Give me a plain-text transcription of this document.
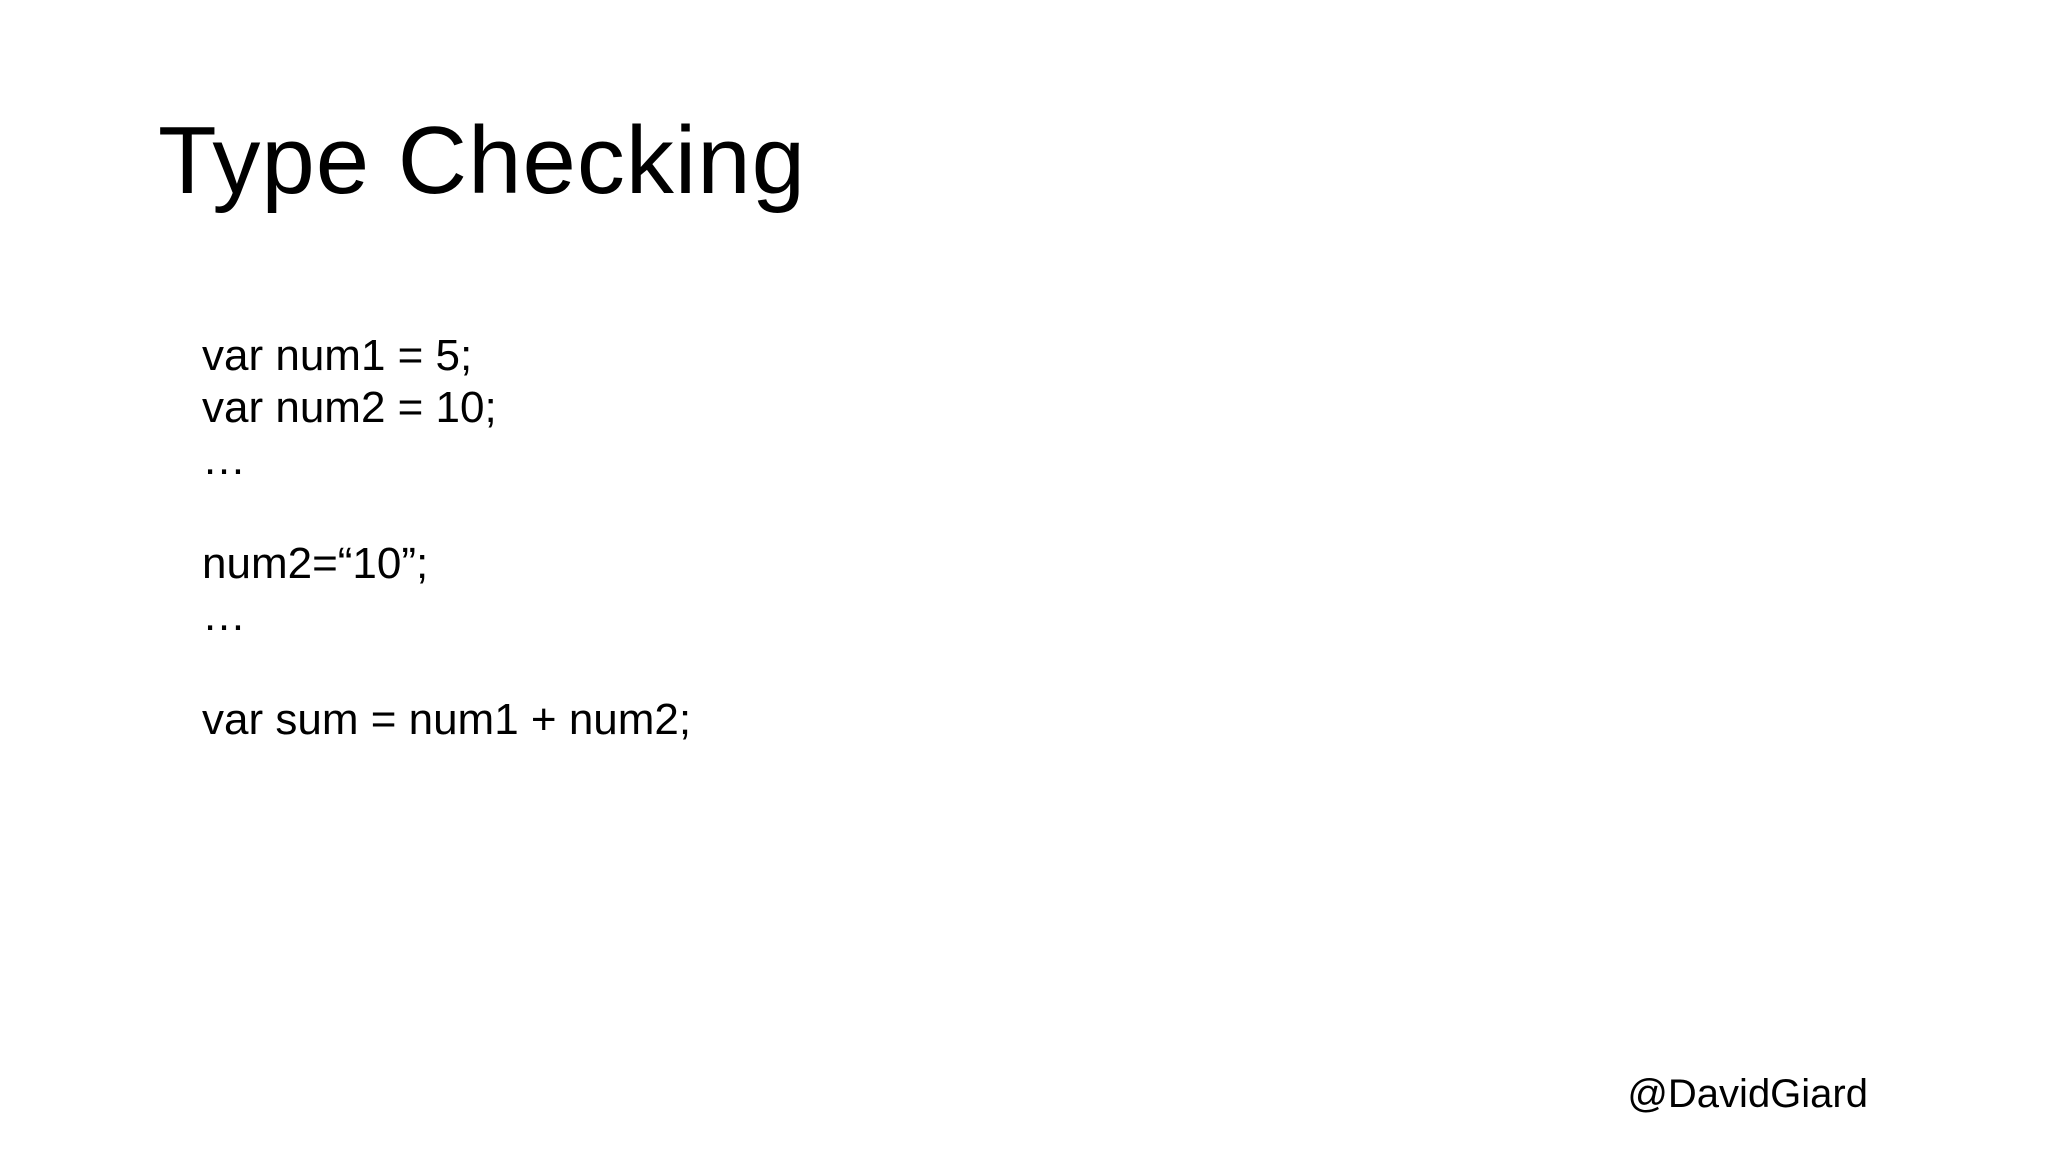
Type Checking
var num1 = 5;
var num2 = 10;
…
num2=“10”;
…
var sum = num1 + num2;
@DavidGiard
